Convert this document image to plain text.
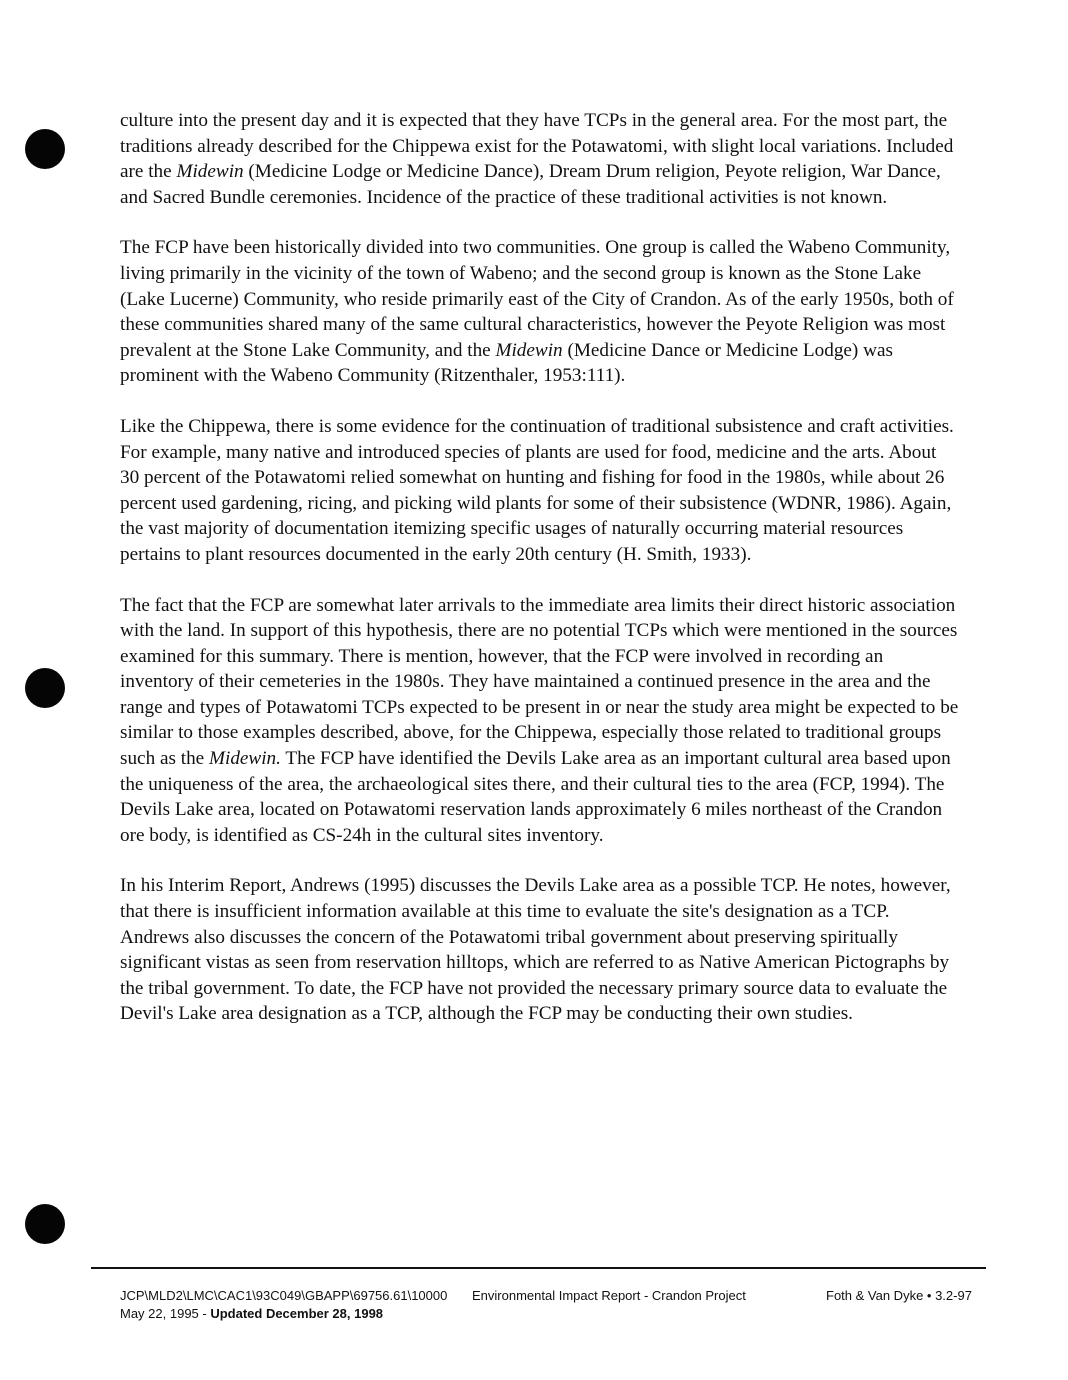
culture into the present day and it is expected that they have TCPs in the general area. For the most part, the traditions already described for the Chippewa exist for the Potawatomi, with slight local variations. Included are the Midewin (Medicine Lodge or Medicine Dance), Dream Drum religion, Peyote religion, War Dance, and Sacred Bundle ceremonies. Incidence of the practice of these traditional activities is not known.

The FCP have been historically divided into two communities. One group is called the Wabeno Community, living primarily in the vicinity of the town of Wabeno; and the second group is known as the Stone Lake (Lake Lucerne) Community, who reside primarily east of the City of Crandon. As of the early 1950s, both of these communities shared many of the same cultural characteristics, however the Peyote Religion was most prevalent at the Stone Lake Community, and the Midewin (Medicine Dance or Medicine Lodge) was prominent with the Wabeno Community (Ritzenthaler, 1953:111).

Like the Chippewa, there is some evidence for the continuation of traditional subsistence and craft activities. For example, many native and introduced species of plants are used for food, medicine and the arts. About 30 percent of the Potawatomi relied somewhat on hunting and fishing for food in the 1980s, while about 26 percent used gardening, ricing, and picking wild plants for some of their subsistence (WDNR, 1986). Again, the vast majority of documentation itemizing specific usages of naturally occurring material resources pertains to plant resources documented in the early 20th century (H. Smith, 1933).

The fact that the FCP are somewhat later arrivals to the immediate area limits their direct historic association with the land. In support of this hypothesis, there are no potential TCPs which were mentioned in the sources examined for this summary. There is mention, however, that the FCP were involved in recording an inventory of their cemeteries in the 1980s. They have maintained a continued presence in the area and the range and types of Potawatomi TCPs expected to be present in or near the study area might be expected to be similar to those examples described, above, for the Chippewa, especially those related to traditional groups such as the Midewin. The FCP have identified the Devils Lake area as an important cultural area based upon the uniqueness of the area, the archaeological sites there, and their cultural ties to the area (FCP, 1994). The Devils Lake area, located on Potawatomi reservation lands approximately 6 miles northeast of the Crandon ore body, is identified as CS-24h in the cultural sites inventory.

In his Interim Report, Andrews (1995) discusses the Devils Lake area as a possible TCP. He notes, however, that there is insufficient information available at this time to evaluate the site's designation as a TCP. Andrews also discusses the concern of the Potawatomi tribal government about preserving spiritually significant vistas as seen from reservation hilltops, which are referred to as Native American Pictographs by the tribal government. To date, the FCP have not provided the necessary primary source data to evaluate the Devil's Lake area designation as a TCP, although the FCP may be conducting their own studies.

JCP\MLD2\LMC\CAC1\93C049\GBAPP\69756.61\10000
May 22, 1995 - Updated December 28, 1998
Environmental Impact Report - Crandon Project	Foth & Van Dyke • 3.2-97
